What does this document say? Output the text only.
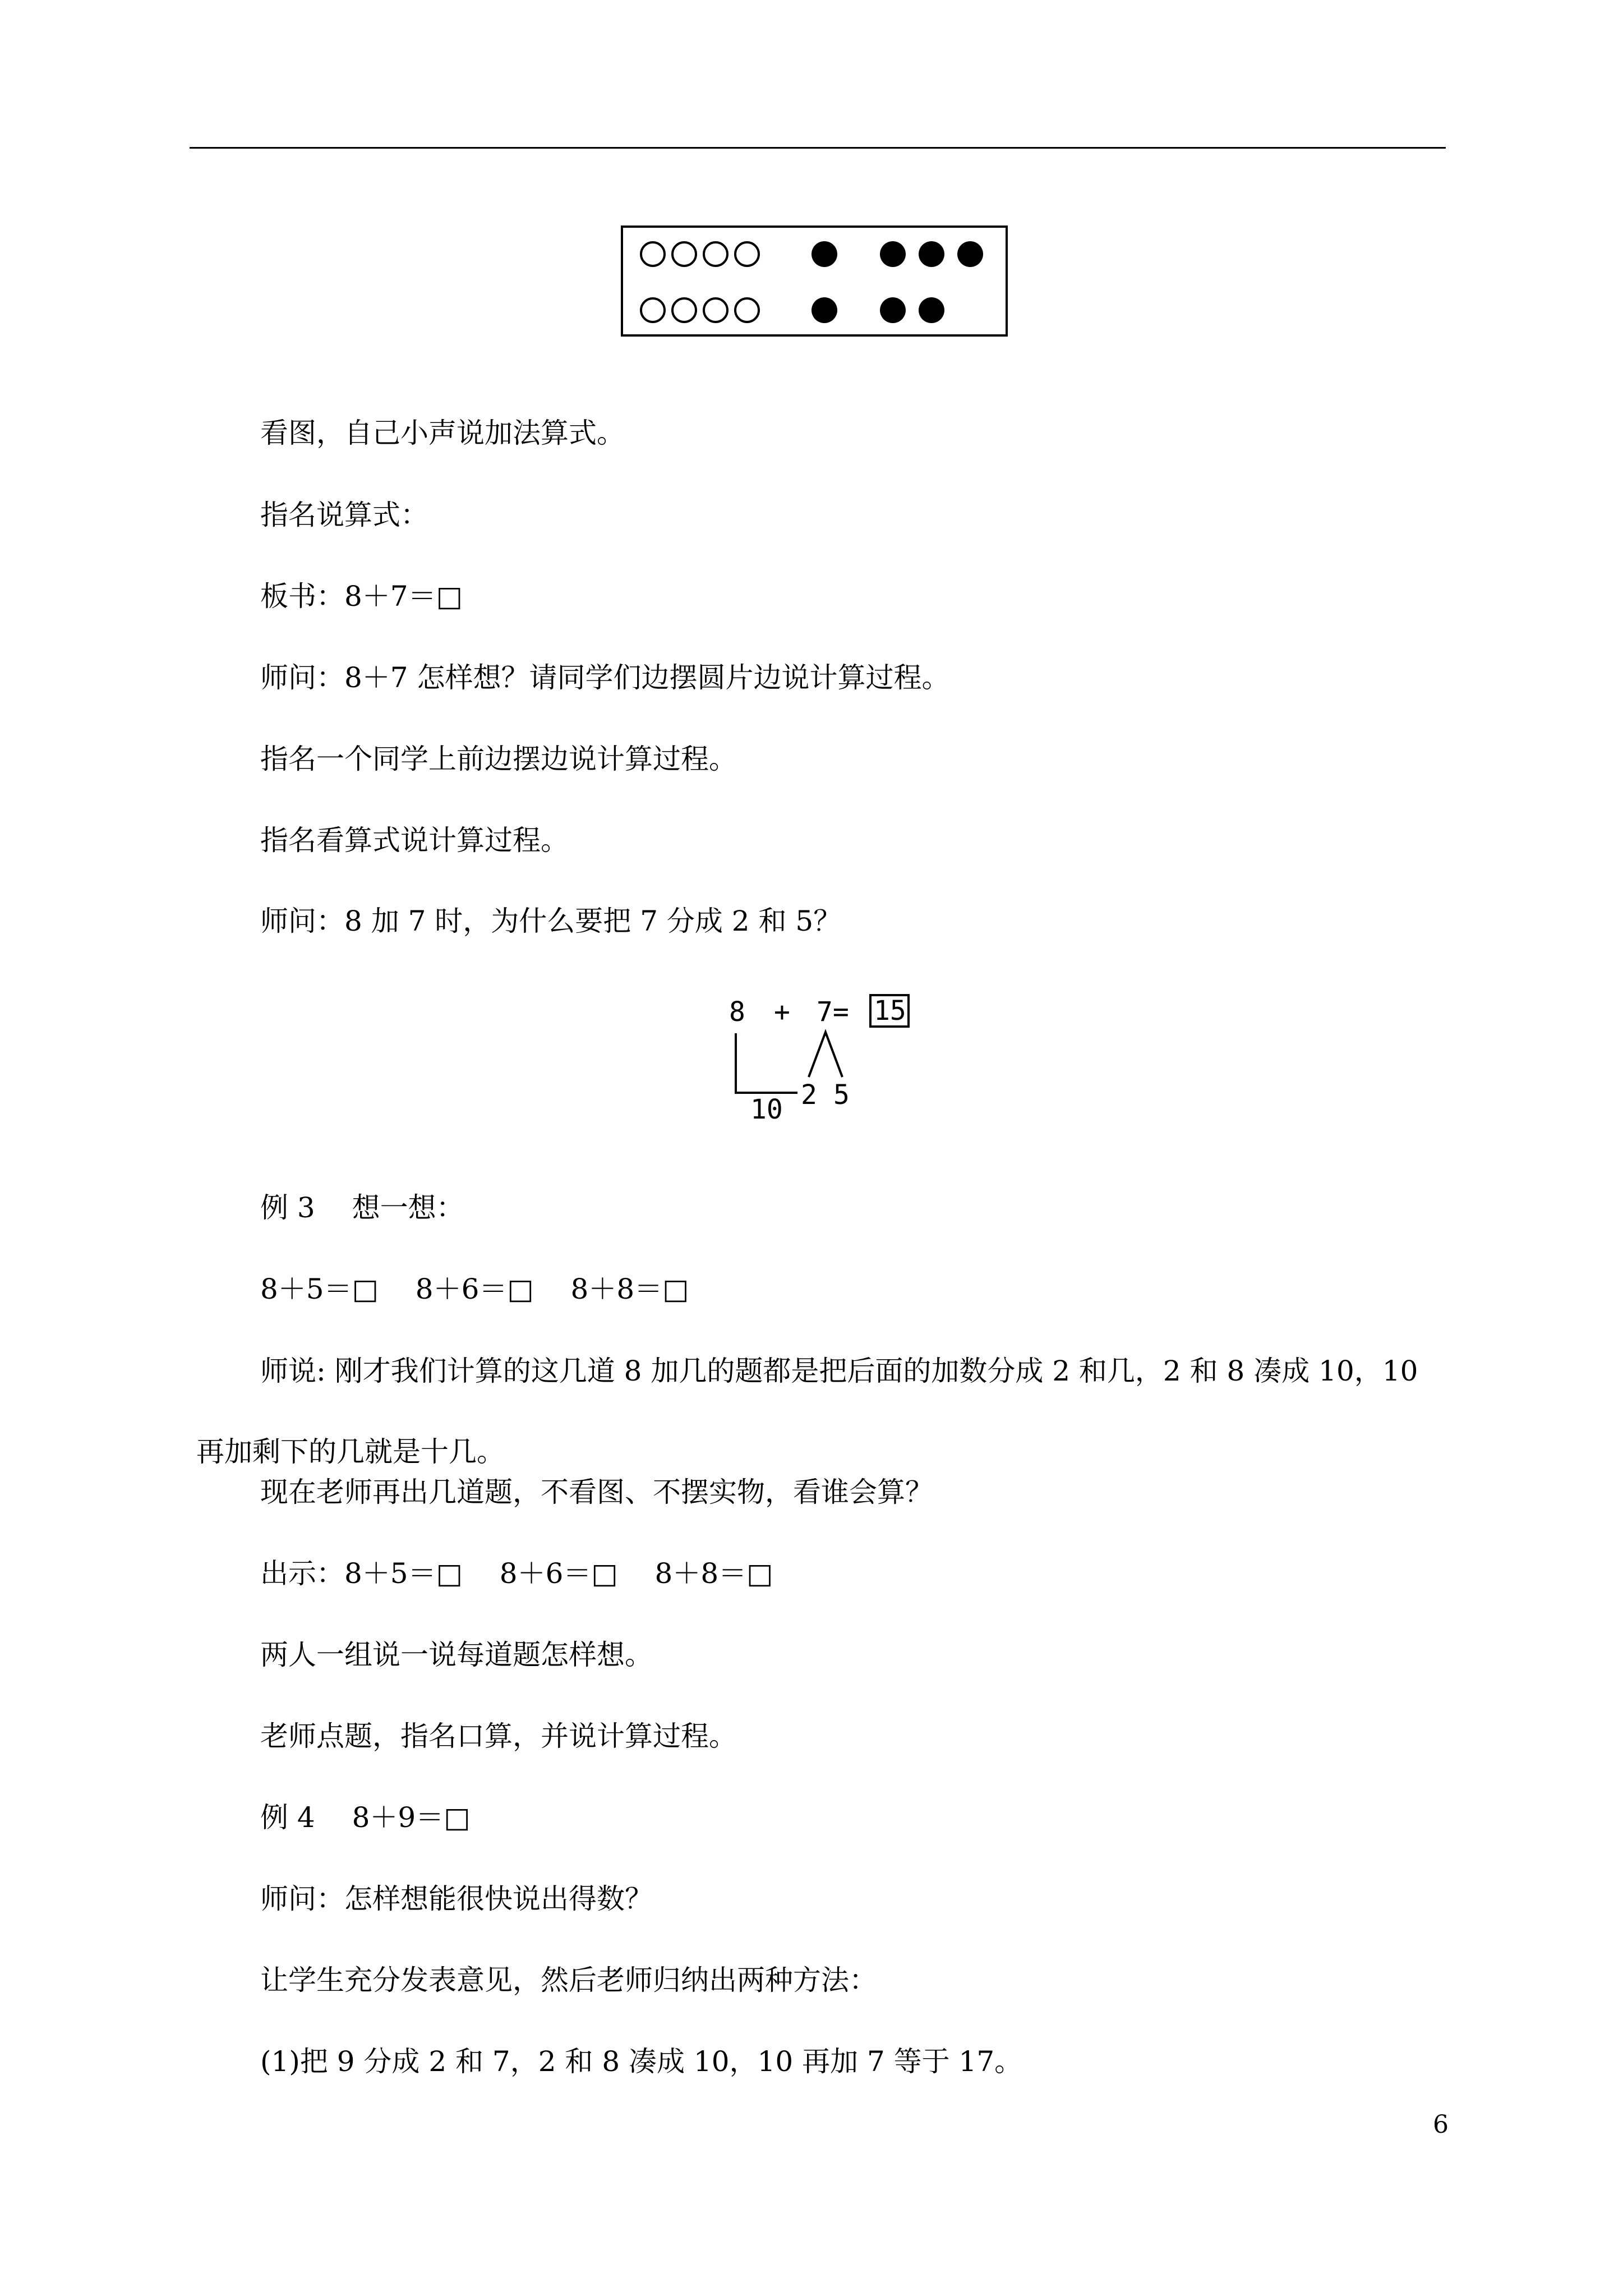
看图，自己小声说加法算式。
指名说算式：
板书：8＋7＝□
师问：8＋7 怎样想？请同学们边摆圆片边说计算过程。
指名一个同学上前边摆边说计算过程。
指名看算式说计算过程。
师问：8 加 7 时，为什么要把 7 分成 2 和 5？
8 + 7= 15
10 2 5
例 3　 想一想：
8＋5＝□　 8＋6＝□　 8＋8＝□
师说: 刚才我们计算的这几道 8 加几的题都是把后面的加数分成 2 和几，2 和 8 凑成 10，10 再加剩下的几就是十几。
现在老师再出几道题，不看图、不摆实物，看谁会算？
出示：8＋5＝□　 8＋6＝□　 8＋8＝□
两人一组说一说每道题怎样想。
老师点题，指名口算，并说计算过程。
例 4　 8＋9＝□
师问：怎样想能很快说出得数？
让学生充分发表意见，然后老师归纳出两种方法：
(1)把 9 分成 2 和 7，2 和 8 凑成 10，10 再加 7 等于 17。
6
